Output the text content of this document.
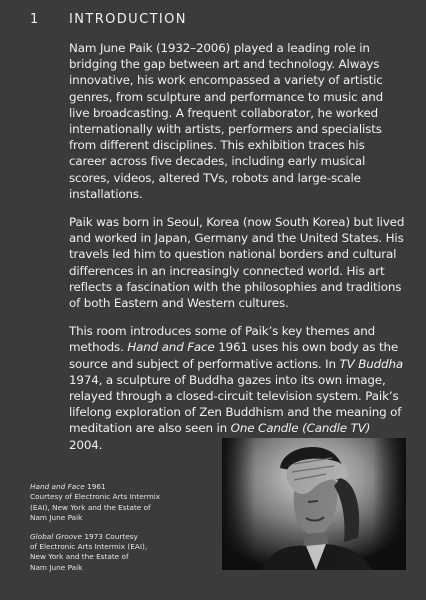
1 INTRODUCTION

Nam June Paik (1932–2006) played a leading role in bridging the gap between art and technology. Always innovative, his work encompassed a variety of artistic genres, from sculpture and performance to music and live broadcasting. A frequent collaborator, he worked internationally with artists, performers and specialists from different disciplines. This exhibition traces his career across five decades, including early musical scores, videos, altered TVs, robots and large-scale installations.

Paik was born in Seoul, Korea (now South Korea) but lived and worked in Japan, Germany and the United States. His travels led him to question national borders and cultural differences in an increasingly connected world. His art reflects a fascination with the philosophies and traditions of both Eastern and Western cultures.

This room introduces some of Paik’s key themes and methods. Hand and Face 1961 uses his own body as the source and subject of performative actions. In TV Buddha 1974, a sculpture of Buddha gazes into its own image, relayed through a closed-circuit television system. Paik’s lifelong exploration of Zen Buddhism and the meaning of meditation are also seen in One Candle (Candle TV) 2004.

Hand and Face 1961
Courtesy of Electronic Arts Intermix
(EAI), New York and the Estate of
Nam June Paik
Global Groove 1973 Courtesy
of Electronic Arts Intermix (EAI),
New York and the Estate of
Nam June Paik
